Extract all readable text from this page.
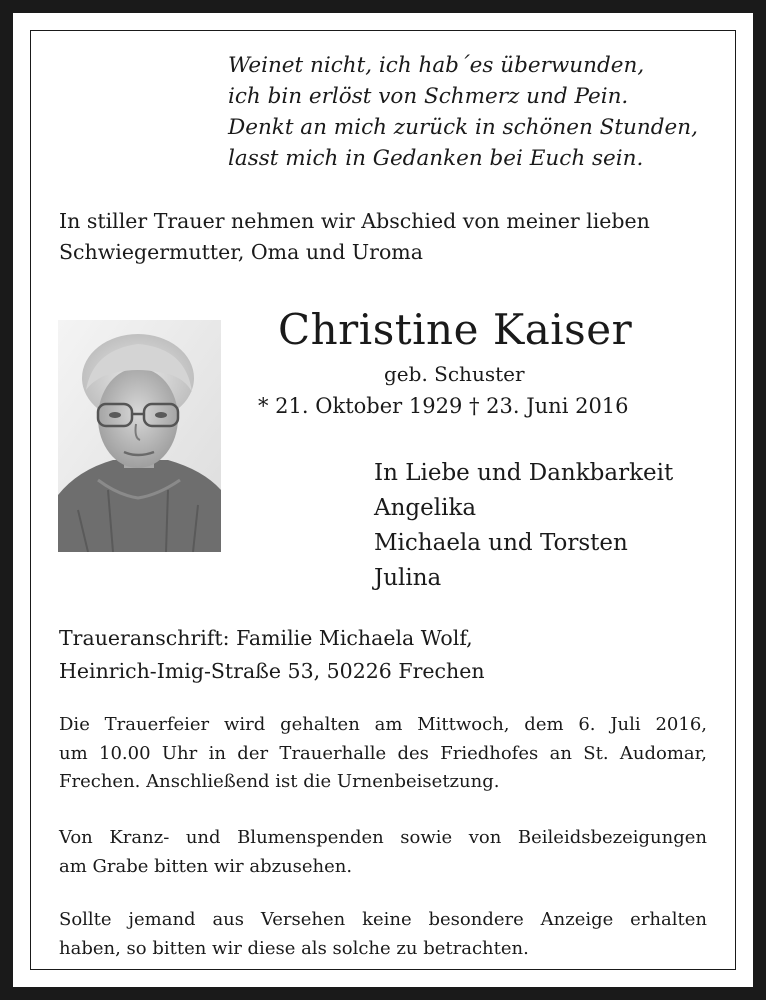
Weinet nicht, ich hab´es überwunden,
ich bin erlöst von Schmerz und Pein.
Denkt an mich zurück in schönen Stunden,
lasst mich in Gedanken bei Euch sein.
In stiller Trauer nehmen wir Abschied von meiner lieben
Schwiegermutter, Oma und Uroma
Christine Kaiser
geb. Schuster
* 21. Oktober 1929 † 23. Juni 2016
In Liebe und Dankbarkeit
Angelika
Michaela und Torsten
Julina
Traueranschrift: Familie Michaela Wolf,
Heinrich-Imig-Straße 53, 50226 Frechen
Die Trauerfeier wird gehalten am Mittwoch, dem 6. Juli 2016,
um 10.00 Uhr in der Trauerhalle des Friedhofes an St. Audomar,
Frechen. Anschließend ist die Urnenbeisetzung.
Von Kranz- und Blumenspenden sowie von Beileidsbezeigungen
am Grabe bitten wir abzusehen.
Sollte jemand aus Versehen keine besondere Anzeige erhalten
haben, so bitten wir diese als solche zu betrachten.
